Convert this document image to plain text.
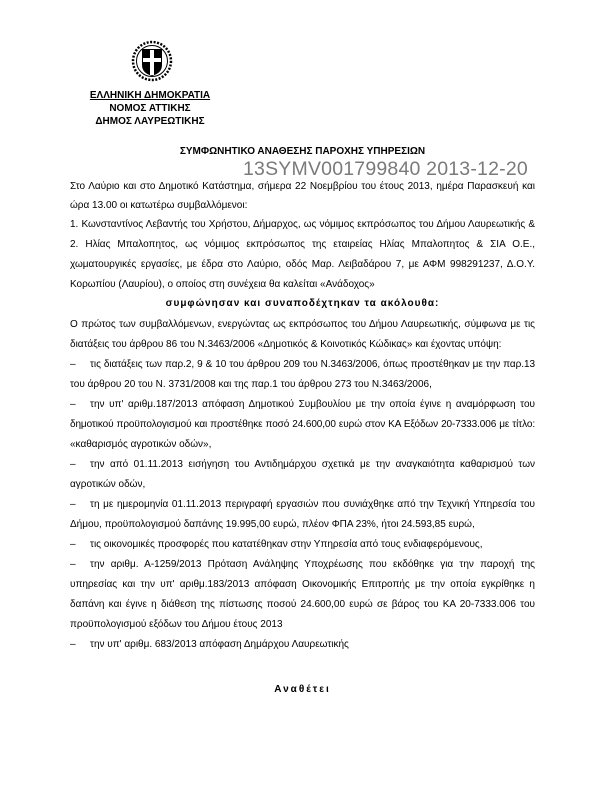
ΕΛΛΗΝΙΚΗ ΔΗΜΟΚΡΑΤΙΑ
ΝΟΜΟΣ ΑΤΤΙΚΗΣ
ΔΗΜΟΣ ΛΑΥΡΕΩΤΙΚΗΣ
ΣΥΜΦΩΝΗΤΙΚΟ ΑΝΑΘΕΣΗΣ ΠΑΡΟΧΗΣ ΥΠΗΡΕΣΙΩΝ
13SYMV001799840 2013-12-20
Στο Λαύριο και στο Δημοτικό Κατάστημα, σήμερα 22 Νοεμβρίου του έτους 2013, ημέρα Παρασκευή και
ώρα 13.00 οι κατωτέρω συμβαλλόμενοι:
1. Κωνσταντίνος Λεβαντής του Χρήστου, Δήμαρχος, ως νόμιμος εκπρόσωπος του Δήμου Λαυρεωτικής &
2. Ηλίας Μπαλοπητος, ως νόμιμος εκπρόσωπος της εταιρείας Ηλίας Μπαλοπητος & ΣΙΑ Ο.Ε.,
χωματουργικές εργασίες, με έδρα στο Λαύριο, οδός Μαρ. Λειβαδάρου 7, με ΑΦΜ 998291237, Δ.Ο.Υ.
Κορωπίου (Λαυρίου), ο οποίος στη συνέχεια θα καλείται «Ανάδοχος»
συμφώνησαν και συναποδέχτηκαν τα ακόλουθα:
Ο πρώτος των συμβαλλόμενων, ενεργώντας ως εκπρόσωπος του Δήμου Λαυρεωτικής, σύμφωνα με τις
διατάξεις του άρθρου 86 του Ν.3463/2006 «Δημοτικός & Κοινοτικός Κώδικας» και έχοντας υπόψη:
–	τις διατάξεις των παρ.2, 9 & 10 του άρθρου 209 του Ν.3463/2006, όπως προστέθηκαν με την παρ.13
του άρθρου 20 του Ν. 3731/2008 και της παρ.1 του άρθρου 273 του Ν.3463/2006,
–	την υπ' αριθμ.187/2013 απόφαση Δημοτικού Συμβουλίου με την οποία έγινε η αναμόρφωση του
δημοτικού προϋπολογισμού και προστέθηκε ποσό 24.600,00 ευρώ στον ΚΑ Εξόδων 20-7333.006 με τίτλο:
«καθαρισμός αγροτικών οδών»,
–	την από 01.11.2013 εισήγηση του Αντιδημάρχου σχετικά με την αναγκαιότητα καθαρισμού των
αγροτικών οδών,
–	τη με ημερομηνία 01.11.2013 περιγραφή εργασιών που συνιάχθηκε από την Τεχνική Υπηρεσία του
Δήμου, προϋπολογισμού δαπάνης 19.995,00 ευρώ, πλέον ΦΠΑ 23%, ήτοι 24.593,85 ευρώ,
– τις οικονομικές προσφορές που κατατέθηκαν στην Υπηρεσία από τους ενδιαφερόμενους,
–	την αριθμ. Α-1259/2013 Πρόταση Ανάληψης Υποχρέωσης που εκδόθηκε για την παροχή της
υπηρεσίας και την υπ' αριθμ.183/2013 απόφαση Οικονομικής Επιτροπής με την οποία εγκρίθηκε η
δαπάνη και έγινε η διάθεση της πίστωσης ποσού 24.600,00 ευρώ σε βάρος του ΚΑ 20-7333.006 του
προϋπολογισμού εξόδων του Δήμου έτους 2013
– την υπ' αριθμ. 683/2013 απόφαση Δημάρχου Λαυρεωτικής
Αναθέτει
